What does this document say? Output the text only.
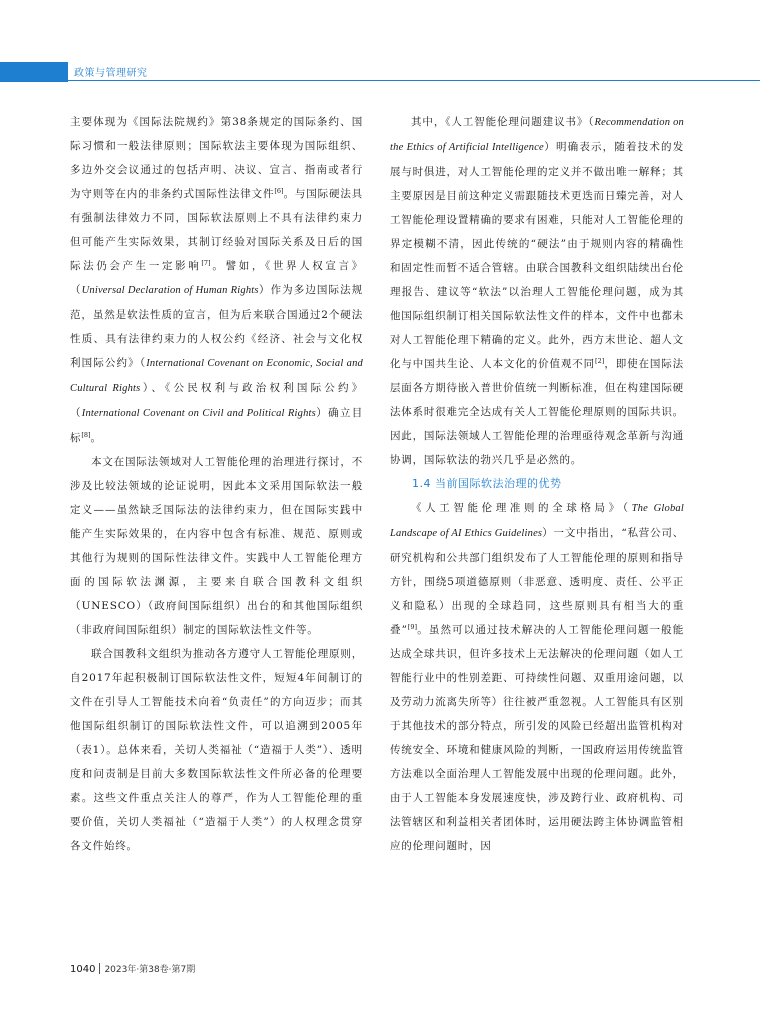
政策与管理研究

主要体现为《国际法院规约》第38条规定的国际条约、国际习惯和一般法律原则；国际软法主要体现为国际组织、多边外交会议通过的包括声明、决议、宣言、指南或者行为守则等在内的非条约式国际性法律文件[6]。与国际硬法具有强制法律效力不同，国际软法原则上不具有法律约束力但可能产生实际效果，其制订经验对国际关系及日后的国际法仍会产生一定影响[7]。譬如，《世界人权宣言》（Universal Declaration of Human Rights）作为多边国际法规范，虽然是软法性质的宣言，但为后来联合国通过2个硬法性质、具有法律约束力的人权公约《经济、社会与文化权利国际公约》（International Covenant on Economic, Social and Cultural Rights）、《公民权利与政治权利国际公约》（International Covenant on Civil and Political Rights）确立目标[8]。

本文在国际法领域对人工智能伦理的治理进行探讨，不涉及比较法领域的论证说明，因此本文采用国际软法一般定义——虽然缺乏国际法的法律约束力，但在国际实践中能产生实际效果的，在内容中包含有标准、规范、原则或其他行为规则的国际性法律文件。实践中人工智能伦理方面的国际软法渊源，主要来自联合国教科文组织（UNESCO）（政府间国际组织）出台的和其他国际组织（非政府间国际组织）制定的国际软法性文件等。

联合国教科文组织为推动各方遵守人工智能伦理原则，自2017年起积极制订国际软法性文件，短短4年间制订的文件在引导人工智能技术向着“负责任”的方向迈步；而其他国际组织制订的国际软法性文件，可以追溯到2005年（表1）。总体来看，关切人类福祉（“造福于人类”）、透明度和问责制是目前大多数国际软法性文件所必备的伦理要素。这些文件重点关注人的尊严，作为人工智能伦理的重要价值，关切人类福祉（“造福于人类”）的人权理念贯穿各文件始终。

其中，《人工智能伦理问题建议书》（Recommendation on the Ethics of Artificial Intelligence）明确表示，随着技术的发展与时俱进，对人工智能伦理的定义并不做出唯一解释；其主要原因是目前这种定义需跟随技术更迭而日臻完善，对人工智能伦理设置精确的要求有困难，只能对人工智能伦理的界定模糊不清，因此传统的“硬法”由于规则内容的精确性和固定性而暂不适合管辖。由联合国教科文组织陆续出台伦理报告、建议等“软法”以治理人工智能伦理问题，成为其他国际组织制订相关国际软法性文件的样本，文件中也都未对人工智能伦理下精确的定义。此外，西方末世论、超人文化与中国共生论、人本文化的价值观不同[2]，即使在国际法层面各方期待嵌入普世价值统一判断标准，但在构建国际硬法体系时很难完全达成有关人工智能伦理原则的国际共识。因此，国际法领域人工智能伦理的治理亟待观念革新与沟通协调，国际软法的勃兴几乎是必然的。

1.4 当前国际软法治理的优势

《人工智能伦理准则的全球格局》（The Global Landscape of AI Ethics Guidelines）一文中指出，“私营公司、研究机构和公共部门组织发布了人工智能伦理的原则和指导方针，围绕5项道德原则（非恶意、透明度、责任、公平正义和隐私）出现的全球趋同，这些原则具有相当大的重叠”[9]。虽然可以通过技术解决的人工智能伦理问题一般能达成全球共识，但许多技术上无法解决的伦理问题（如人工智能行业中的性别差距、可持续性问题、双重用途问题，以及劳动力流离失所等）往往被严重忽视。人工智能具有区别于其他技术的部分特点，所引发的风险已经超出监管机构对传统安全、环境和健康风险的判断，一国政府运用传统监管方法难以全面治理人工智能发展中出现的伦理问题。此外，由于人工智能本身发展速度快，涉及跨行业、政府机构、司法管辖区和利益相关者团体时，运用硬法跨主体协调监管相应的伦理问题时，因

1040 2023年·第38卷·第7期
